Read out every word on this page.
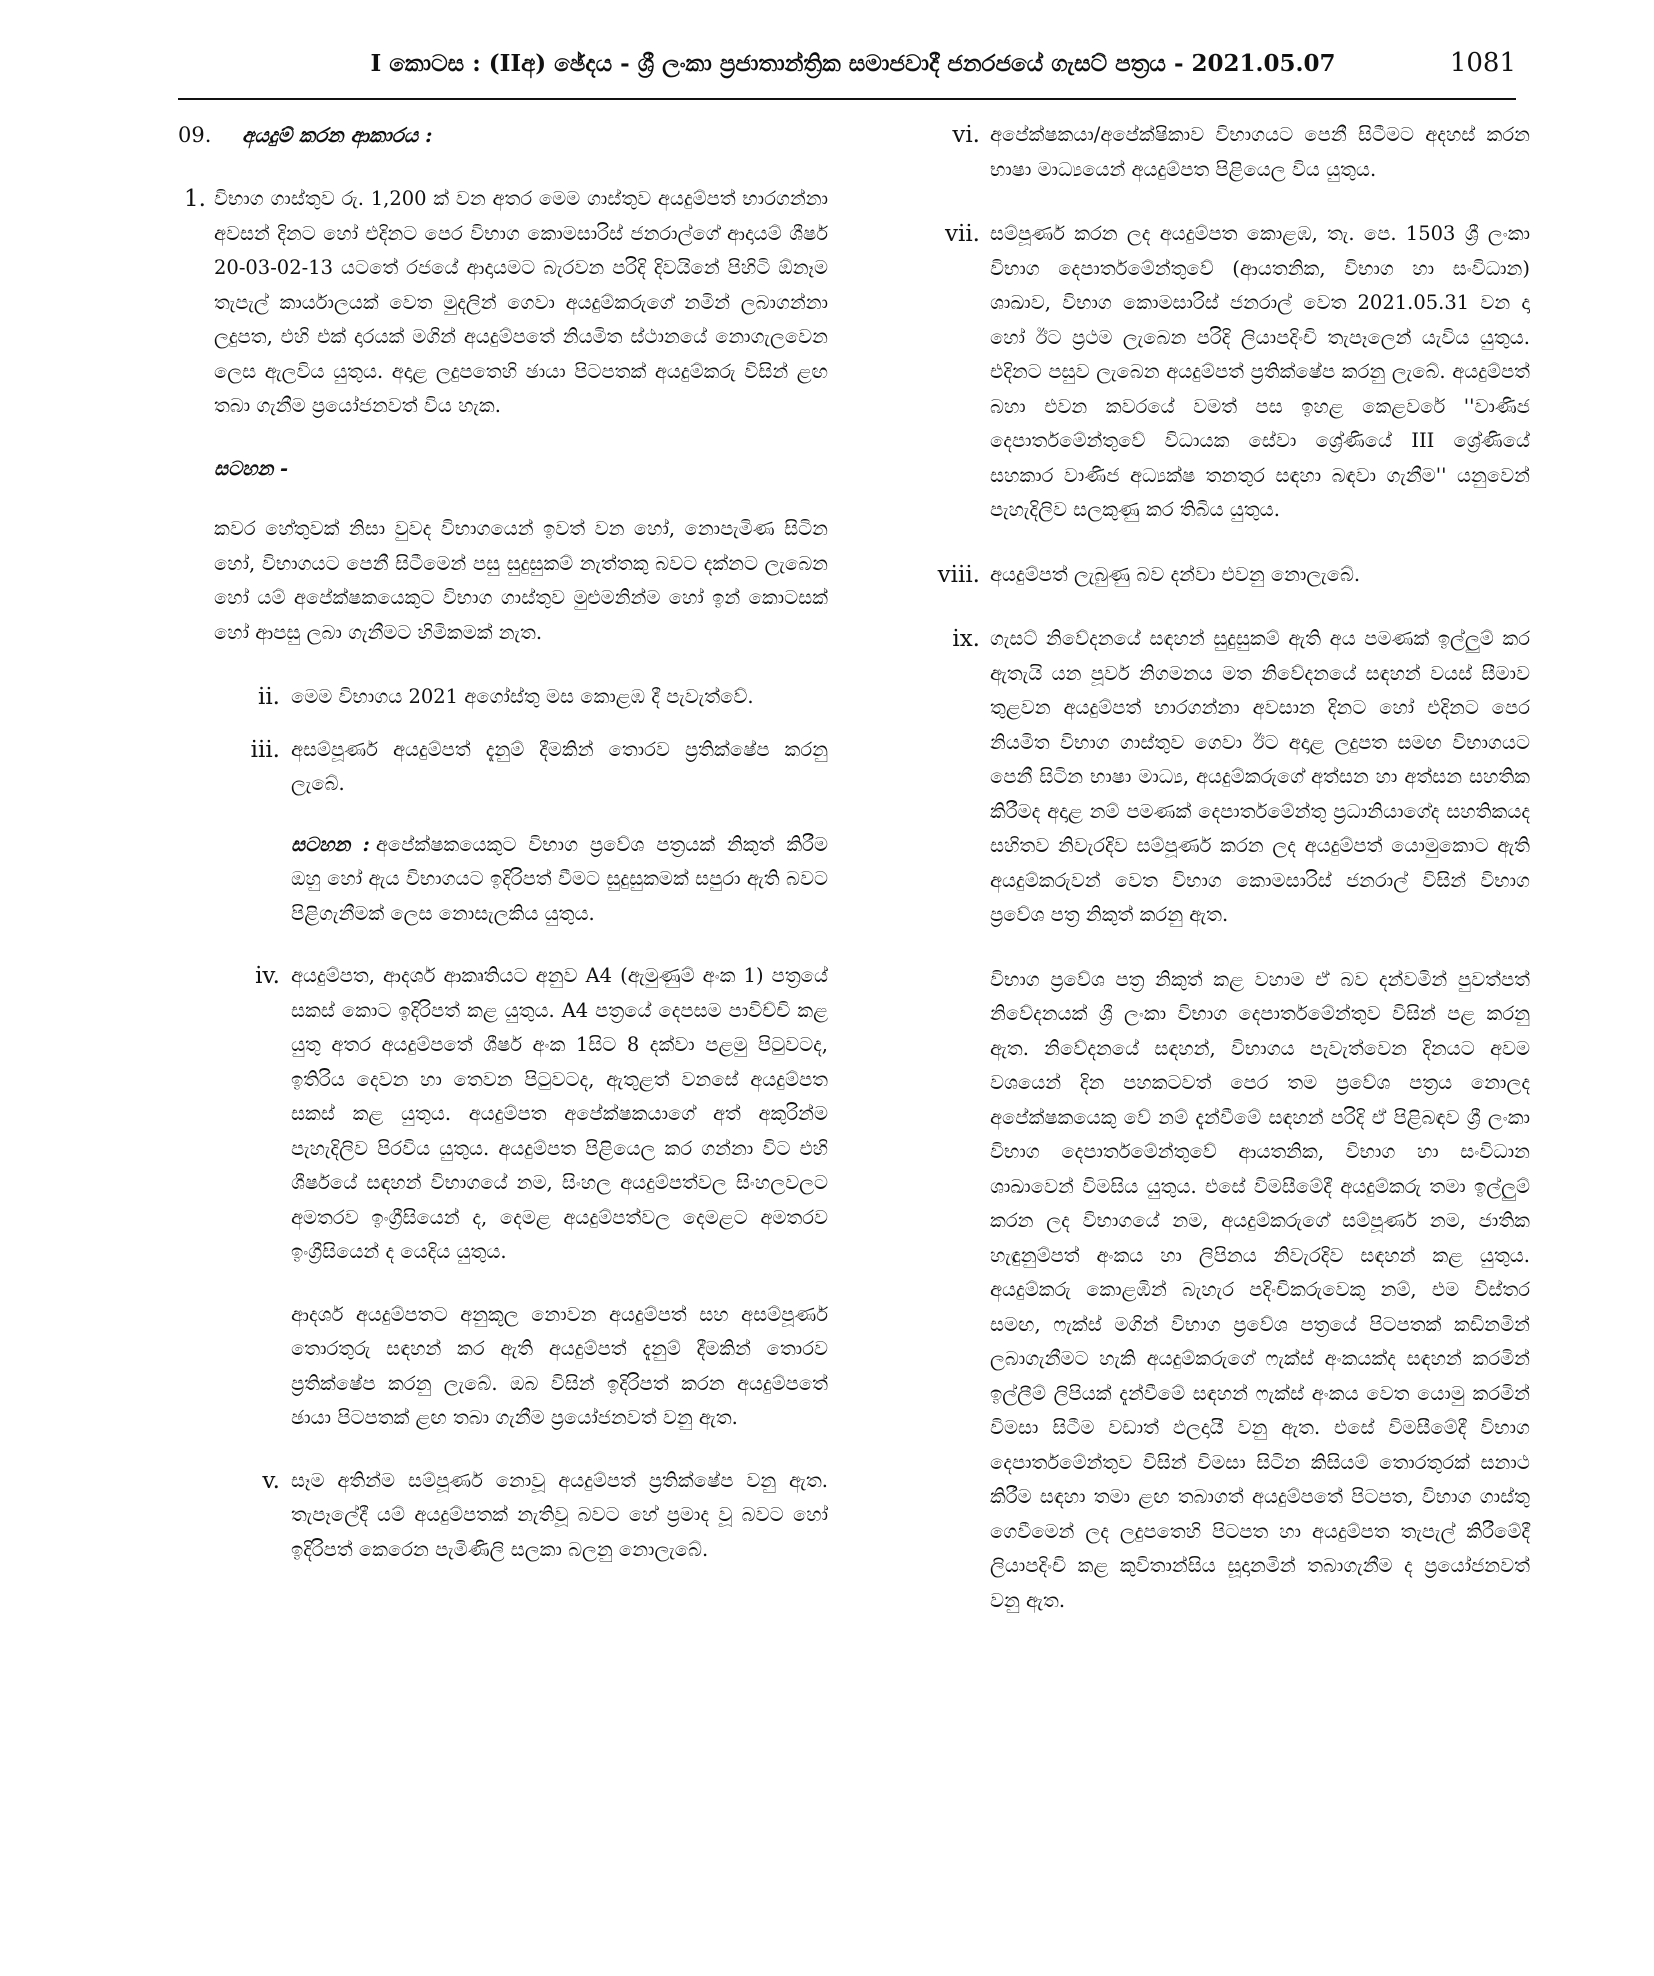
I කොටස : (IIඅ) ඡේදය - ශ්‍රී ලංකා ප්‍රජාතාන්ත්‍රික සමාජවාදී ජනරජයේ ගැසට් පත්‍රය - 2021.05.07	1081
09.	අයදුම් කරන ආකාරය :
1. විභාග ගාස්තුව රු. 1,200 ක් වන අතර මෙම ගාස්තුව අයදුම්පත් භාරගන්නා අවසන් දිනට හෝ එදිනට පෙර විභාග කොමසාරිස් ජනරාල්ගේ ආදායම් ශීර්ෂ 20-03-02-13 යටතේ රජයේ ආදායමට බැරවන පරිදි දිවයිනේ පිහිටි ඕනෑම තැපැල් කාර්යාලයක් වෙත මුදලින් ගෙවා අයදුම්කරුගේ නමින් ලබාගන්නා ලදුපත, එහි එක් දාරයක් මගින් අයදුම්පතේ නියමිත ස්ථානයේ නොගැලවෙන ලෙස ඇලවිය යුතුය. අදාළ ලදුපතෙහි ඡායා පිටපතක් අයදුම්කරු විසින් ළඟ තබා ගැනීම ප්‍රයෝජනවත් විය හැක.

සටහන -

කවර හේතුවක් නිසා වුවද විභාගයෙන් ඉවත් වන හෝ, නොපැමිණ සිටින හෝ, විභාගයට පෙනී සිටීමෙන් පසු සුදුසුකම් නැත්තකු බවට දක්නට ලැබෙන හෝ යම් අපේක්ෂකයෙකුට විභාග ගාස්තුව මුළුමනින්ම හෝ ඉන් කොටසක් හෝ ආපසු ලබා ගැනීමට හිමිකමක් නැත.

ii. මෙම විභාගය 2021 අගෝස්තු මස කොළඹ දී පැවැත්වේ.

iii. අසම්පූර්ණ අයදුම්පත් දැනුම් දීමකින් තොරව ප්‍රතික්ෂේප කරනු ලැබේ.

සටහන : අපේක්ෂකයෙකුට විභාග ප්‍රවේශ පත්‍රයක් නිකුත් කිරීම ඔහු හෝ ඇය විභාගයට ඉදිරිපත් වීමට සුදුසුකමක් සපුරා ඇති බවට පිළිගැනීමක් ලෙස නොසැලකිය යුතුය.

iv. අයදුම්පත, ආදර්ශ ආකෘතියට අනුව A4 (ඇමුණුම් අංක 1) පත්‍රයේ සකස් කොට ඉදිරිපත් කළ යුතුය. A4 පත්‍රයේ දෙපසම පාවිච්චි කළ යුතු අතර අයදුම්පතේ ශීර්ෂ අංක 1සිට 8 දක්වා පළමු පිටුවටද, ඉතිරිය දෙවන හා තෙවන පිටුවටද, ඇතුළත් වනසේ අයදුම්පත සකස් කළ යුතුය. අයදුම්පත අපේක්ෂකයාගේ අත් අකුරින්ම පැහැදිලිව පිරවිය යුතුය. අයදුම්පත පිළියෙල කර ගන්නා විට එහි ශීර්ෂයේ සඳහන් විභාගයේ නම, සිංහල අයදුම්පත්වල සිංහලවලට අමතරව ඉංග්‍රීසියෙන් ද, දෙමළ අයදුම්පත්වල දෙමළට අමතරව ඉංග්‍රීසියෙන් ද යෙදිය යුතුය.

ආදර්ශ අයදුම්පතට අනුකූල නොවන අයදුම්පත් සහ අසම්පූර්ණ තොරතුරු සඳහන් කර ඇති අයදුම්පත් දැනුම් දීමකින් තොරව ප්‍රතික්ෂේප කරනු ලැබේ. ඔබ විසින් ඉදිරිපත් කරන අයදුම්පතේ ඡායා පිටපතක් ළඟ තබා ගැනීම ප්‍රයෝජනවත් වනු ඇත.

v. සෑම අතින්ම සම්පූර්ණ නොවූ අයදුම්පත් ප්‍රතික්ෂේප වනු ඇත. තැපෑලේදී යම් අයදුම්පතක් නැතිවූ බවට හේ ප්‍රමාද වූ බවට හෝ ඉදිරිපත් කෙරෙන පැමිණිලි සලකා බලනු නොලැබේ.

vi. අපේක්ෂකයා/අපේක්ෂිකාව විභාගයට පෙනී සිටීමට අදහස් කරන භාෂා මාධ්‍යයෙන් අයදුම්පත පිළියෙල විය යුතුය.

vii. සම්පූර්ණ කරන ලද අයදුම්පත කොළඹ, තැ. පෙ. 1503 ශ්‍රී ලංකා විභාග දෙපාර්තමේන්තුවේ (ආයතනික, විභාග හා සංවිධාන) ශාඛාව, විභාග කොමසාරිස් ජනරාල් වෙත 2021.05.31 වන දා හෝ ඊට ප්‍රථම ලැබෙන පරිදි ලියාපදිංචි තැපෑලෙන් යැවිය යුතුය. එදිනට පසුව ලැබෙන අයදුම්පත් ප්‍රතික්ෂේප කරනු ලැබේ. අයදුම්පත් බහා එවන කවරයේ වමත් පස ඉහළ කෙළවරේ ''වාණිජ දෙපාර්තමේන්තුවේ විධායක සේවා ශ්‍රේණියේ III ශ්‍රේණියේ සහකාර වාණිජ අධ්‍යක්ෂ තනතුර සඳහා බඳවා ගැනීම'' යනුවෙන් පැහැදිලිව සලකුණු කර තිබිය යුතුය.

viii. අයදුම්පත් ලැබුණු බව දන්වා එවනු නොලැබේ.

ix. ගැසට් නිවේදනයේ සඳහන් සුදුසුකම් ඇති අය පමණක් ඉල්ලුම් කර ඇතැයි යන පූර්ව නිගමනය මත නිවේදනයේ සඳහන් වයස් සීමාව තුළවන අයදුම්පත් භාරගන්නා අවසාන දිනට හෝ එදිනට පෙර නියමිත විභාග ගාස්තුව ගෙවා ඊට අදාළ ලදුපත සමඟ විභාගයට පෙනී සිටින භාෂා මාධ්‍ය, අයදුම්කරුගේ අත්සන හා අත්සන සහතික කිරීමද අදාළ නම් පමණක් දෙපාර්තමේන්තු ප්‍රධානියාගේද සහතිකයද සහිතව නිවැරදිව සම්පූර්ණ කරන ලද අයදුම්පත් යොමුකොට ඇති අයදුම්කරුවන් වෙත විභාග කොමසාරිස් ජනරාල් විසින් විභාග ප්‍රවේශ පත්‍ර නිකුත් කරනු ඇත.

විභාග ප්‍රවේශ පත්‍ර නිකුත් කළ වහාම ඒ බව දන්වමින් පුවත්පත් නිවේදනයක් ශ්‍රී ලංකා විභාග දෙපාර්තමේන්තුව විසින් පළ කරනු ඇත. නිවේදනයේ සඳහන්, විභාගය පැවැත්වෙන දිනයට අවම වශයෙන් දින පහකටවත් පෙර තම ප්‍රවේශ පත්‍රය නොලද අපේක්ෂකයෙකු වේ නම් දැන්වීමේ සඳහන් පරිදි ඒ පිළිබඳව ශ්‍රී ලංකා විභාග දෙපාර්තමේන්තුවේ ආයතනික, විභාග හා සංවිධාන ශාඛාවෙන් විමසිය යුතුය. එසේ විමසීමේදී අයදුම්කරු තමා ඉල්ලුම් කරන ලද විභාගයේ නම, අයදුම්කරුගේ සම්පූර්ණ නම, ජාතික හැඳුනුම්පත් අංකය හා ලිපිනය නිවැරදිව සඳහන් කළ යුතුය. අයදුම්කරු කොළඹින් බැහැර පදිංචිකරුවෙකු නම්, එම විස්තර සමඟ, ෆැක්ස් මගින් විභාග ප්‍රවේශ පත්‍රයේ පිටපතක් කඩිනමින් ලබාගැනීමට හැකි අයදුම්කරුගේ ෆැක්ස් අංකයක්ද සඳහන් කරමින් ඉල්ලීම් ලිපියක් දැන්වීමේ සඳහන් ෆැක්ස් අංකය වෙත යොමු කරමින් විමසා සිටීම වඩාත් ඵලදායී වනු ඇත. එසේ විමසීමේදී විභාග දෙපාර්තමේන්තුව විසින් විමසා සිටින කිසියම් තොරතුරක් සනාථ කිරීම සඳහා තමා ළඟ තබාගත් අයදුම්පතේ පිටපත, විභාග ගාස්තු ගෙවීමෙන් ලද ලදුපතෙහි පිටපත හා අයදුම්පත තැපැල් කිරීමේදී ලියාපදිංචි කළ කුවිතාන්සිය සූදානමින් තබාගැනීම ද ප්‍රයෝජනවත් වනු ඇත.
